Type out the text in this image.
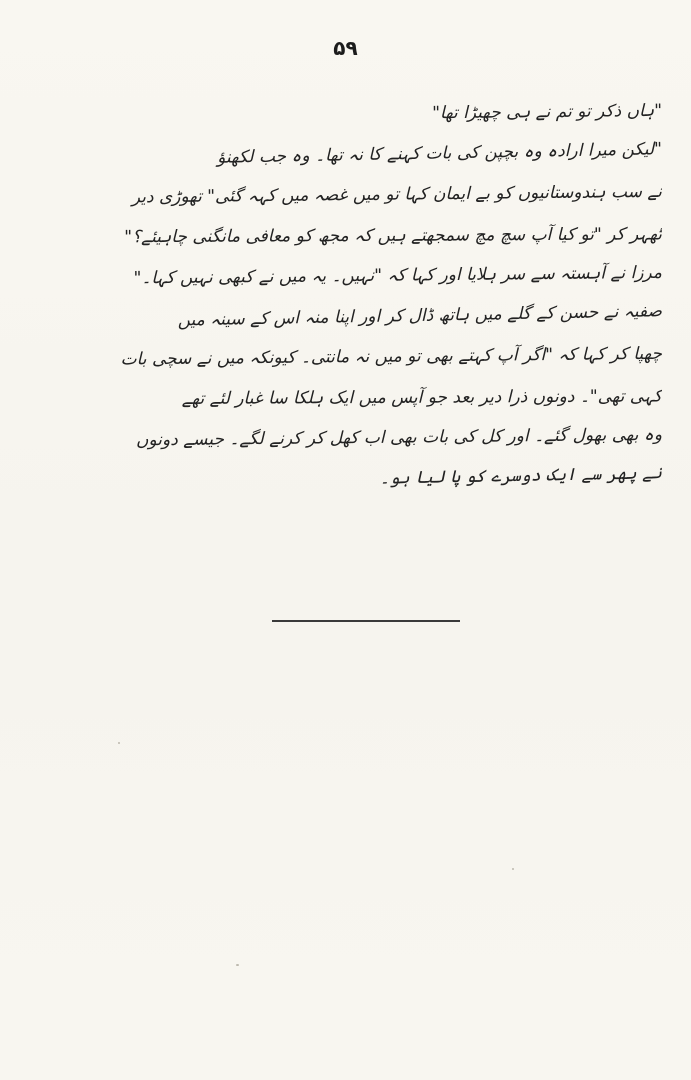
۵۹
"ہاں ذکر تو تم نے ہی چھیڑا تھا"
"لیکن میرا ارادہ وہ بچپن کی بات کہنے کا نہ تھا۔ وہ جب لکھنؤ
نے سب ہندوستانیوں کو بے ایمان کہا تو میں غصہ میں کہہ گئی" تھوڑی دیر
ٹھہر کر "تو کیا آپ سچ مچ سمجھتے ہیں کہ مجھ کو معافی مانگنی چاہیئے؟"
مرزا نے آہستہ سے سر ہلایا اور کہا کہ "نہیں۔ یہ میں نے کبھی نہیں کہا۔"
صفیہ نے حسن کے گلے میں ہاتھ ڈال کر اور اپنا منہ اس کے سینہ میں
چھپا کر کہا کہ "اگر آپ کہتے بھی تو میں نہ مانتی۔ کیونکہ میں نے سچی بات
کہی تھی"۔ دونوں ذرا دیر بعد جو آپس میں ایک ہلکا سا غبار لئے تھے
وہ بھی بھول گئے۔ اور کل کی بات بھی اب کھل کر کرنے لگے۔ جیسے دونوں
نے پھر سے ایک دوسرے کو پا لیا ہو۔
